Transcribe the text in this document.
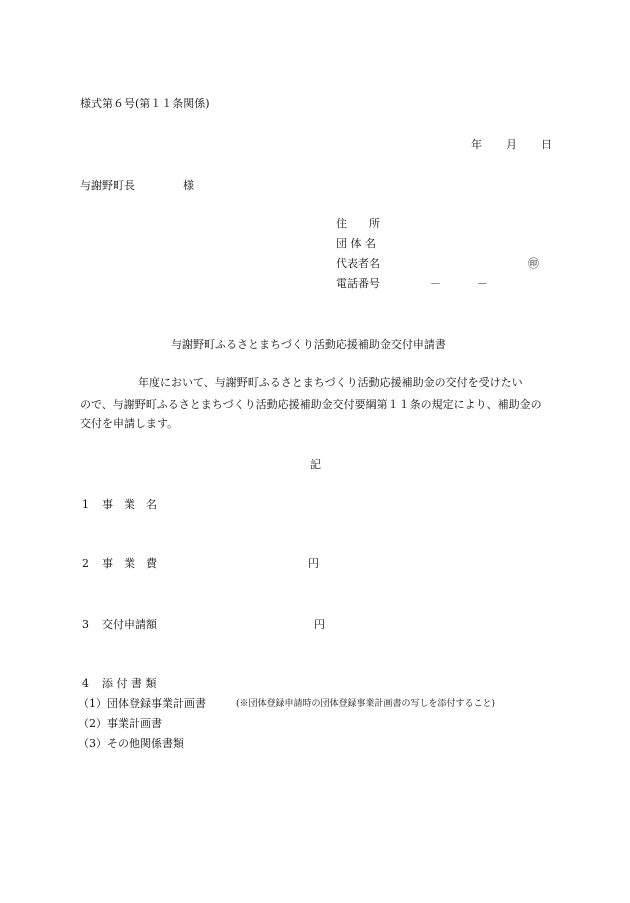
様式第６号(第１１条関係)
年 月 日
与謝野町長	様
住　　所
団 体 名
代表者名	㊞
電話番号	－	－
与謝野町ふるさとまちづくり活動応援補助金交付申請書
年度において、与謝野町ふるさとまちづくり活動応援補助金の交付を受けたい
ので、与謝野町ふるさとまちづくり活動応援補助金交付要綱第１１条の規定により、補助金の交付を申請します。
記
1 事　業　名
2 事　業　費	円
3 交付申請額	円
4 添 付 書 類
（1）団体登録事業計画書	(※団体登録申請時の団体登録事業計画書の写しを添付すること)
（2）事業計画書
（3）その他関係書類
